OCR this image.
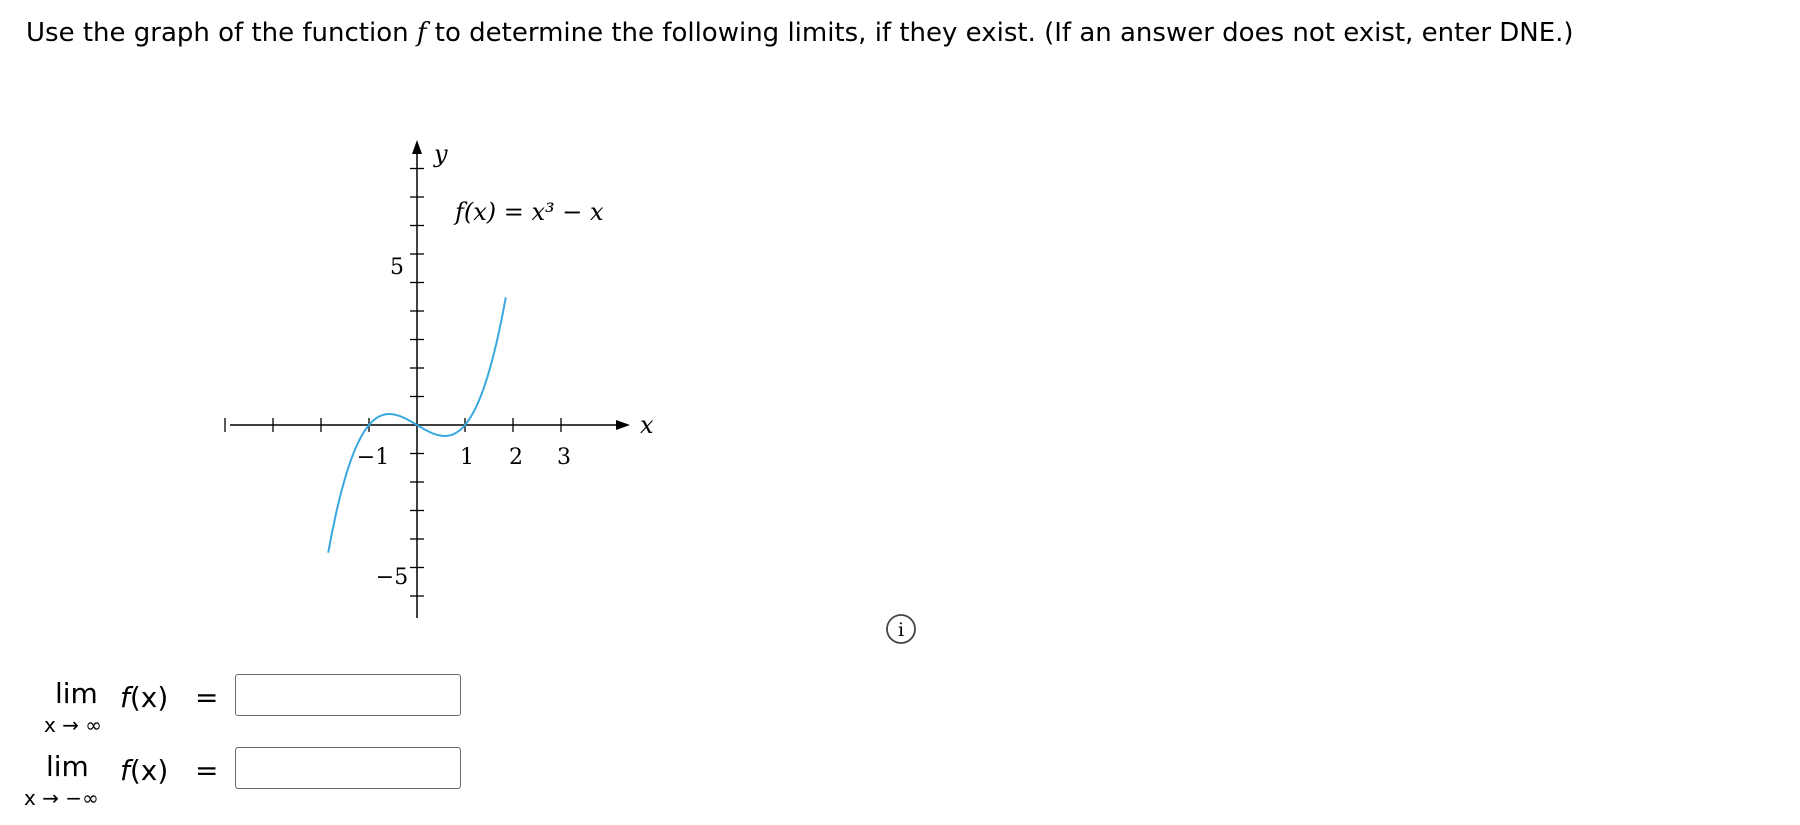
Use the graph of the function f to determine the following limits, if they exist. (If an answer does not exist, enter DNE.)
y
x
f(x) = x³ − x
−1	1 2 3
5
−5
i
lim
x → ∞
f(x) =
lim
x → −∞
f(x) =
